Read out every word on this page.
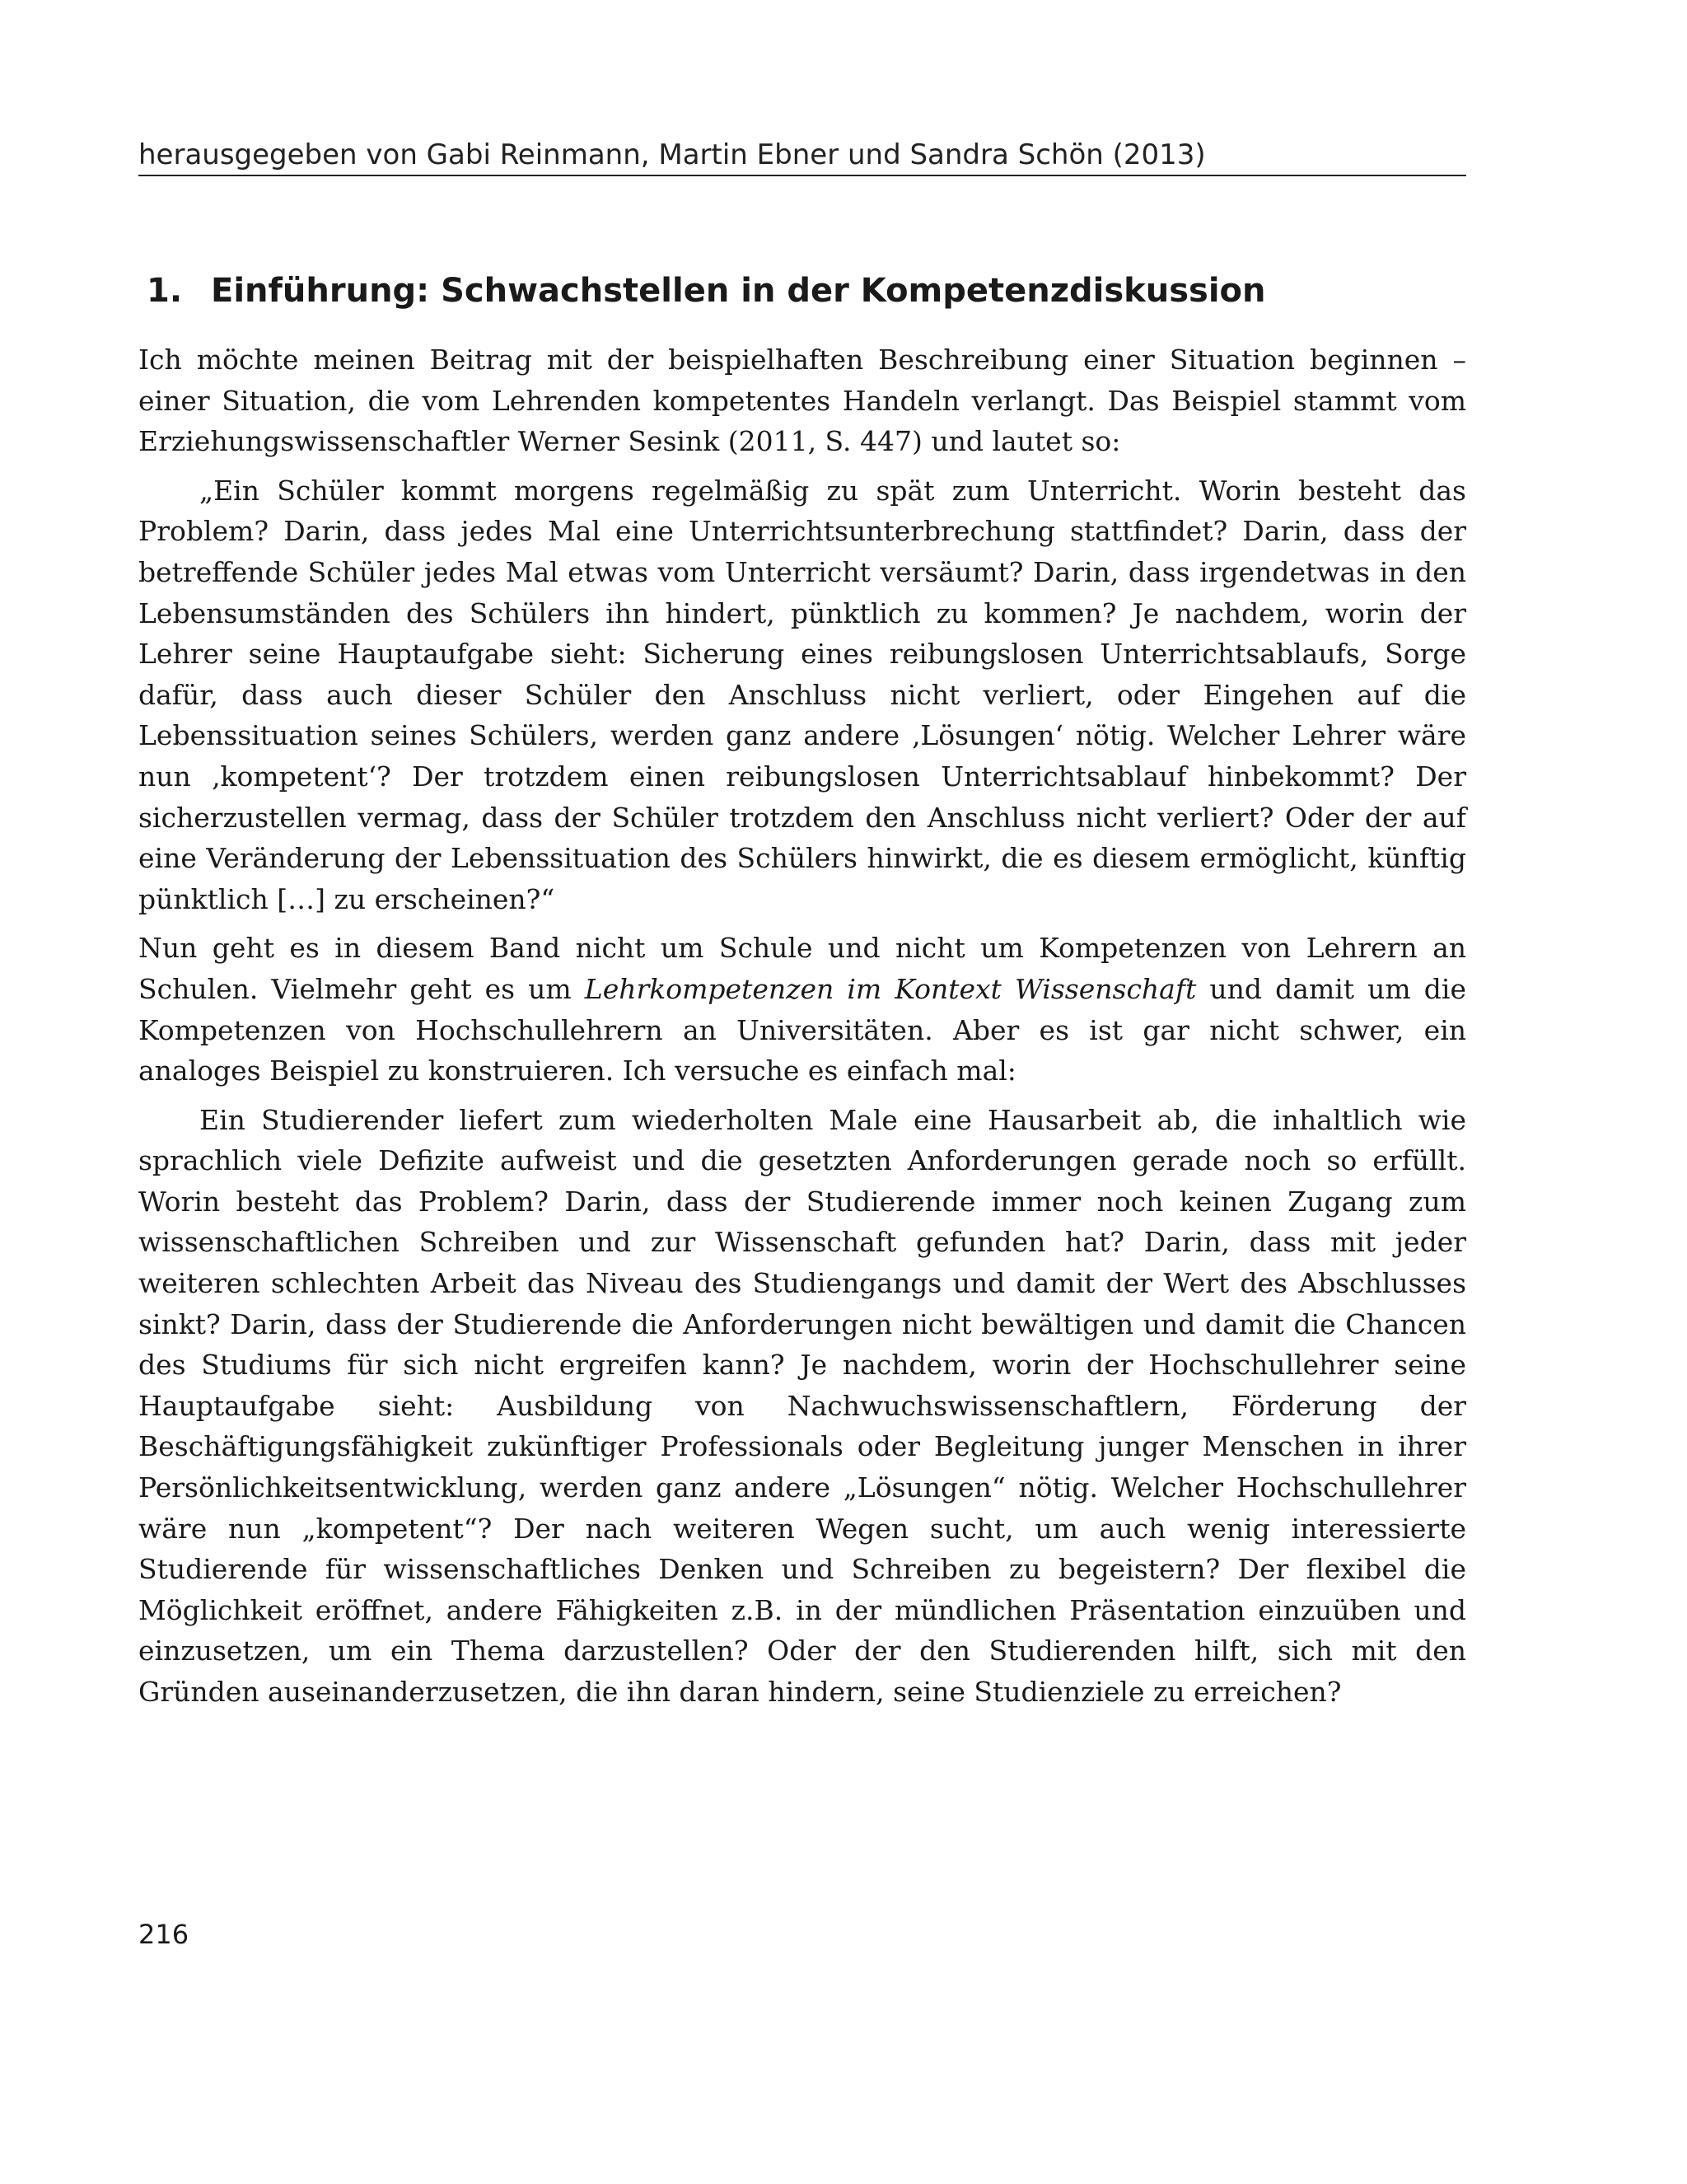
herausgegeben von Gabi Reinmann, Martin Ebner und Sandra Schön (2013)
1. Einführung: Schwachstellen in der Kompetenzdiskussion

Ich möchte meinen Beitrag mit der beispielhaften Beschreibung einer Situation beginnen – einer Situation, die vom Lehrenden kompetentes Handeln verlangt. Das Beispiel stammt vom Erziehungswissenschaftler Werner Sesink (2011, S. 447) und lautet so:

„Ein Schüler kommt morgens regelmäßig zu spät zum Unterricht. Worin besteht das Problem? Darin, dass jedes Mal eine Unterrichtsunterbrechung stattfindet? Darin, dass der betreffende Schüler jedes Mal etwas vom Unterricht versäumt? Darin, dass irgendetwas in den Lebensumständen des Schülers ihn hindert, pünktlich zu kommen? Je nachdem, worin der Lehrer seine Hauptaufgabe sieht: Sicherung eines reibungslosen Unterrichtsablaufs, Sorge dafür, dass auch dieser Schüler den Anschluss nicht verliert, oder Eingehen auf die Lebenssituation seines Schülers, werden ganz andere ‚Lösungen‘ nötig. Welcher Lehrer wäre nun ‚kompetent‘? Der trotzdem einen reibungslosen Unterrichtsablauf hinbekommt? Der sicherzustellen vermag, dass der Schüler trotzdem den Anschluss nicht verliert? Oder der auf eine Veränderung der Lebenssituation des Schülers hinwirkt, die es diesem ermöglicht, künftig pünktlich […] zu erscheinen?“

Nun geht es in diesem Band nicht um Schule und nicht um Kompetenzen von Lehrern an Schulen. Vielmehr geht es um Lehrkompetenzen im Kontext Wissenschaft und damit um die Kompetenzen von Hochschullehrern an Universitäten. Aber es ist gar nicht schwer, ein analoges Beispiel zu konstruieren. Ich versuche es einfach mal:

Ein Studierender liefert zum wiederholten Male eine Hausarbeit ab, die inhaltlich wie sprachlich viele Defizite aufweist und die gesetzten Anforderungen gerade noch so erfüllt. Worin besteht das Problem? Darin, dass der Studierende immer noch keinen Zugang zum wissenschaftlichen Schreiben und zur Wissenschaft gefunden hat? Darin, dass mit jeder weiteren schlechten Arbeit das Niveau des Studiengangs und damit der Wert des Abschlusses sinkt? Darin, dass der Studierende die Anforderungen nicht bewältigen und damit die Chancen des Studiums für sich nicht ergreifen kann? Je nachdem, worin der Hochschullehrer seine Hauptaufgabe sieht: Ausbildung von Nachwuchswissenschaftlern, Förderung der Beschäftigungsfähigkeit zukünftiger Professionals oder Begleitung junger Menschen in ihrer Persönlichkeitsentwicklung, werden ganz andere „Lösungen“ nötig. Welcher Hochschullehrer wäre nun „kompetent“? Der nach weiteren Wegen sucht, um auch wenig interessierte Studierende für wissenschaftliches Denken und Schreiben zu begeistern? Der flexibel die Möglichkeit eröffnet, andere Fähigkeiten z.B. in der mündlichen Präsentation einzuüben und einzusetzen, um ein Thema darzustellen? Oder der den Studierenden hilft, sich mit den Gründen auseinanderzusetzen, die ihn daran hindern, seine Studienziele zu erreichen?

216
